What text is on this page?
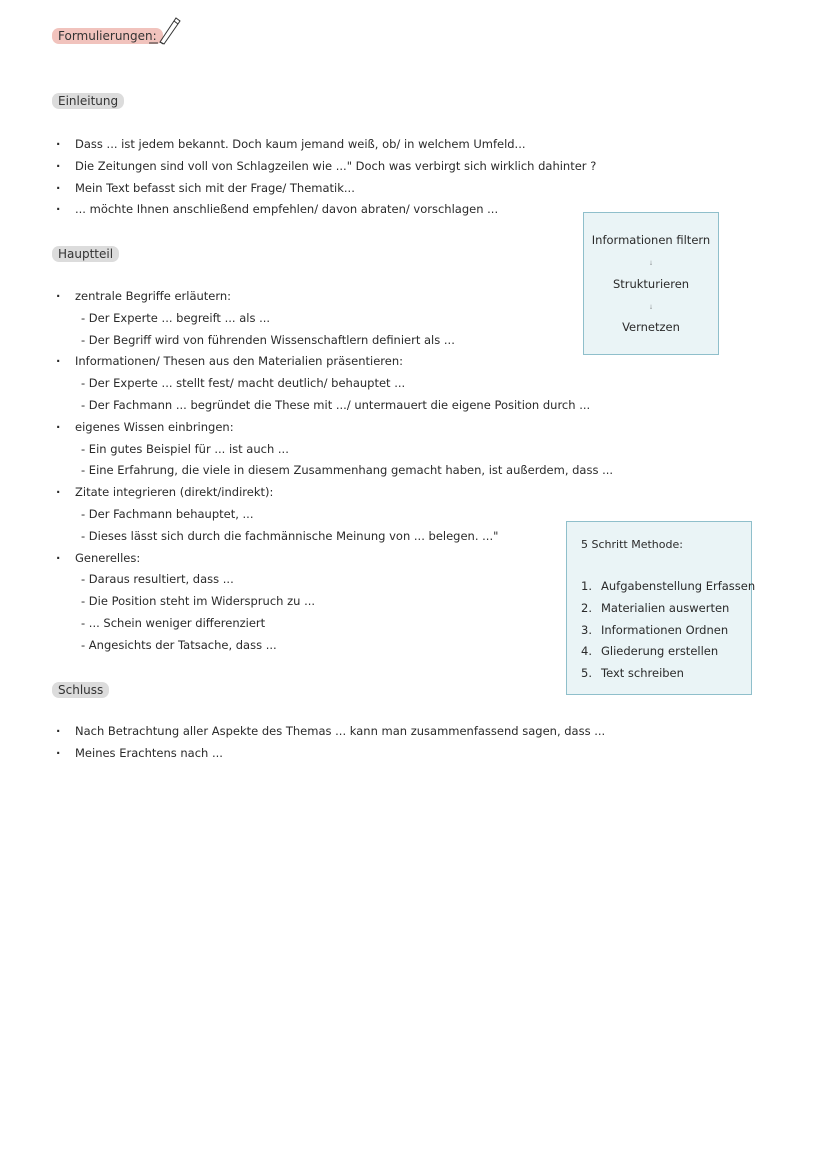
Formulierungen:
Einleitung
· Dass ... ist jedem bekannt. Doch kaum jemand weiß, ob/ in welchem Umfeld...
· Die Zeitungen sind voll von Schlagzeilen wie ..." Doch was verbirgt sich wirklich dahinter ?
· Mein Text befasst sich mit der Frage/ Thematik...
· ... möchte Ihnen anschließend empfehlen/ davon abraten/ vorschlagen ...
Hauptteil
· zentrale Begriffe erläutern:
- Der Experte ... begreift ... als ...
- Der Begriff wird von führenden Wissenschaftlern definiert als ...
· Informationen/ Thesen aus den Materialien präsentieren:
- Der Experte ... stellt fest/ macht deutlich/ behauptet ...
- Der Fachmann ... begründet die These mit .../ untermauert die eigene Position durch ...
· eigenes Wissen einbringen:
- Ein gutes Beispiel für ... ist auch ...
- Eine Erfahrung, die viele in diesem Zusammenhang gemacht haben, ist außerdem, dass ...
· Zitate integrieren (direkt/indirekt):
- Der Fachmann behauptet, ...
- Dieses lässt sich durch die fachmännische Meinung von ... belegen. ..."
· Generelles:
- Daraus resultiert, dass ...
- Die Position steht im Widerspruch zu ...
- ... Schein weniger differenziert
- Angesichts der Tatsache, dass ...
Schluss
· Nach Betrachtung aller Aspekte des Themas ... kann man zusammenfassend sagen, dass ...
· Meines Erachtens nach ...
Informationen filtern
Strukturieren
Vernetzen
5 Schritt Methode:
1. Aufgabenstellung Erfassen
2. Materialien auswerten
3. Informationen Ordnen
4. Gliederung erstellen
5. Text schreiben
